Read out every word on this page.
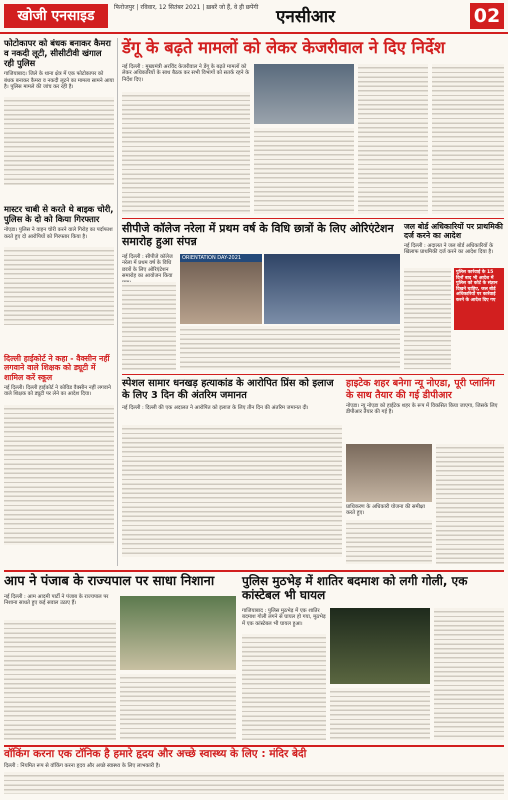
खोजी एनसाइड
फिरोजपुर | रविवार, 12 सितंबर 2021 | ख़बरें जो हैं, वे ही छपेंगी	एनसीआर	02
फोटोकापर को बंधक बनाकर कैमरा व नकदी लूटी, सीसीटीवी खंगाल रही पुलिस
गाजियाबाद। जिले के थाना क्षेत्र में एक फोटोकापर को बंधक बनाकर कैमरा व नकदी लूटने का मामला सामने आया है। पुलिस मामले की जांच कर रही है।
मास्टर चाबी से करते थे बाइक चोरी, पुलिस के दो को किया गिरफ्तार
नोएडा। पुलिस ने वाहन चोरी करने वाले गिरोह का पर्दाफाश करते हुए दो आरोपियों को गिरफ्तार किया है।
दिल्ली हाईकोर्ट ने कहा - वैक्सीन नहीं लगवाने वाले शिक्षक को ड्यूटी में शामिल करें स्कूल
नई दिल्ली। दिल्ली हाईकोर्ट ने कोविड वैक्सीन नहीं लगवाने वाले शिक्षक को ड्यूटी पर लेने का आदेश दिया।
डेंगू के बढ़ते मामलों को लेकर केजरीवाल ने दिए निर्देश
नई दिल्ली : मुख्यमंत्री अरविंद केजरीवाल ने डेंगू के बढ़ते मामलों को लेकर अधिकारियों के साथ बैठक कर सभी विभागों को सतर्क रहने के निर्देश दिए।
सीपीजे कॉलेज नरेला में प्रथम वर्ष के विधि छात्रों के लिए ओरिएंटेशन समारोह हुआ संपन्न
नई दिल्ली : सीपीजे कॉलेज नरेला में प्रथम वर्ष के विधि छात्रों के लिए ओरिएंटेशन समारोह का आयोजन किया
ORIENTATION DAY-2021
जल बोर्ड अधिकारियों पर प्राथमिकी दर्ज करने का आदेश
नई दिल्ली : अदालत ने जल बोर्ड अधिकारियों के खिलाफ प्राथमिकी दर्ज करने का आदेश दिया है।
पुलिस कार्रवाई के 15 दिनों बाद भी आदेश में पुलिस को कोर्ट के संज्ञान दिखने चाहिए, जल बोर्ड अधिकारियों पर कार्रवाई करने के आदेश दिए गए
स्पेशल सामार धनखड़ हत्याकांड के आरोपित प्रिंस को इलाज के लिए 3 दिन की अंतरिम जमानत
नई दिल्ली : दिल्ली की एक अदालत ने आरोपित को इलाज के लिए तीन दिन की अंतरिम जमानत दी।
हाइटेक शहर बनेगा न्यू नोएडा, पूरी प्लानिंग के साथ तैयार की गई डीपीआर
नोएडा। न्यू नोएडा को हाईटेक शहर के रूप में विकसित किया जाएगा, जिसके लिए डीपीआर तैयार की गई है।
प्राधिकरण के अधिकारी योजना की समीक्षा करते हुए।
आप ने पंजाब के राज्यपाल पर साधा निशाना
नई दिल्ली : आम आदमी पार्टी ने पंजाब के राज्यपाल पर निशाना साधते हुए कई सवाल उठाए हैं।
पुलिस मुठभेड़ में शातिर बदमाश को लगी गोली, एक कांस्टेबल भी घायल
गाजियाबाद : पुलिस मुठभेड़ में एक शातिर बदमाश गोली लगने से घायल हो गया, मुठभेड़ में एक कांस्टेबल भी घायल हुआ।
वॉकिंग करना एक टॉनिक है हमारे हृदय और अच्छे स्वास्थ्य के लिए : मंदिर बेदी
दिल्ली : नियमित रूप से वॉकिंग करना हृदय और अच्छे स्वास्थ्य के लिए लाभकारी है।
